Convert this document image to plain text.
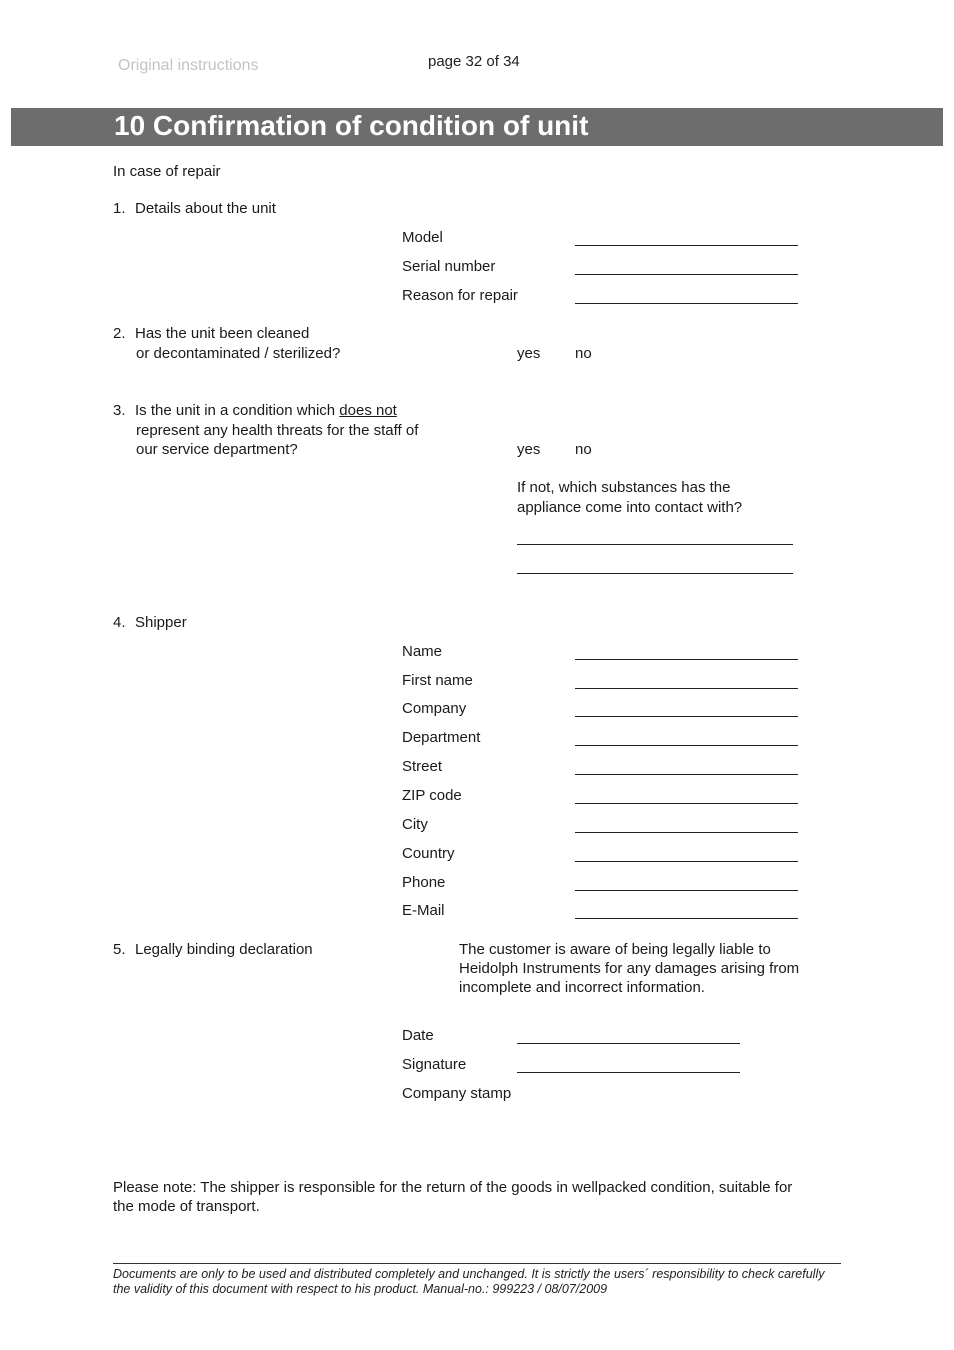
Original instructions	page 32 of 34
10 Confirmation of condition of unit
In case of repair
1. Details about the unit
Model
Serial number
Reason for repair
2. Has the unit been cleaned
or decontaminated / sterilized?	yes no
3. Is the unit in a condition which does not
represent any health threats for the staff of
our service department?	yes no
If not, which substances has the
appliance come into contact with?
4. Shipper
Name
First name
Company
Department
Street
ZIP code
City
Country
Phone
E-Mail
5. Legally binding declaration	The customer is aware of being legally liable to
Heidolph Instruments for any damages arising from
incomplete and incorrect information.
Date
Signature
Company stamp
Please note: The shipper is responsible for the return of the goods in wellpacked condition, suitable for
the mode of transport.
Documents are only to be used and distributed completely and unchanged. It is strictly the users´ responsibility to check carefully
the validity of this document with respect to his product. Manual-no.: 999223 / 08/07/2009
